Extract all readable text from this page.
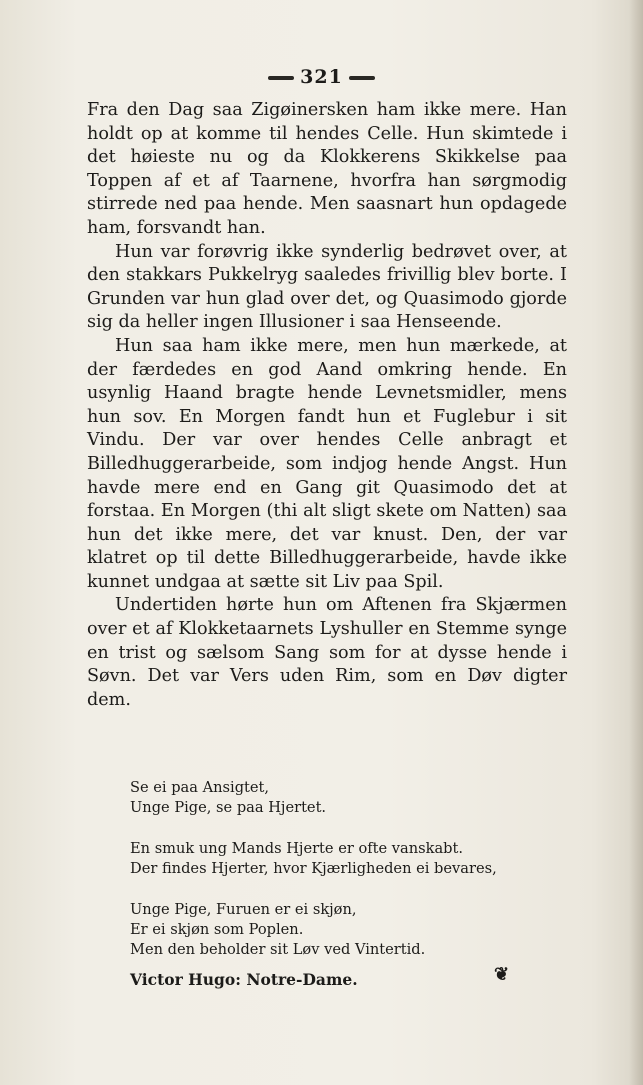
321

Fra den Dag saa Zigøinersken ham ikke mere. Han holdt op at komme til hendes Celle. Hun skimtede i det høieste nu og da Klokkerens Skikkelse paa Toppen af et af Taarnene, hvorfra han sørgmodig stirrede ned paa hende. Men saasnart hun opdagede ham, forsvandt han.

Hun var forøvrig ikke synderlig bedrøvet over, at den stakkars Pukkelryg saaledes frivillig blev borte. I Grunden var hun glad over det, og Quasimodo gjorde sig da heller ingen Illusioner i saa Henseende.

Hun saa ham ikke mere, men hun mærkede, at der færdedes en god Aand omkring hende. En usynlig Haand bragte hende Levnetsmidler, mens hun sov. En Morgen fandt hun et Fuglebur i sit Vindu. Der var over hendes Celle anbragt et Billedhuggerarbeide, som indjog hende Angst. Hun havde mere end en Gang git Quasimodo det at forstaa. En Morgen (thi alt sligt skete om Natten) saa hun det ikke mere, det var knust. Den, der var klatret op til dette Billedhuggerarbeide, havde ikke kunnet undgaa at sætte sit Liv paa Spil.

Undertiden hørte hun om Aftenen fra Skjærmen over et af Klokketaarnets Lyshuller en Stemme synge en trist og sælsom Sang som for at dysse hende i Søvn. Det var Vers uden Rim, som en Døv digter dem.

Se ei paa Ansigtet,
Unge Pige, se paa Hjertet.
En smuk ung Mands Hjerte er ofte vanskabt.
Der findes Hjerter, hvor Kjærligheden ei bevares,
Unge Pige, Furuen er ei skjøn,
Er ei skjøn som Poplen.
Men den beholder sit Løv ved Vintertid.
Victor Hugo: Notre-Dame.	❦
